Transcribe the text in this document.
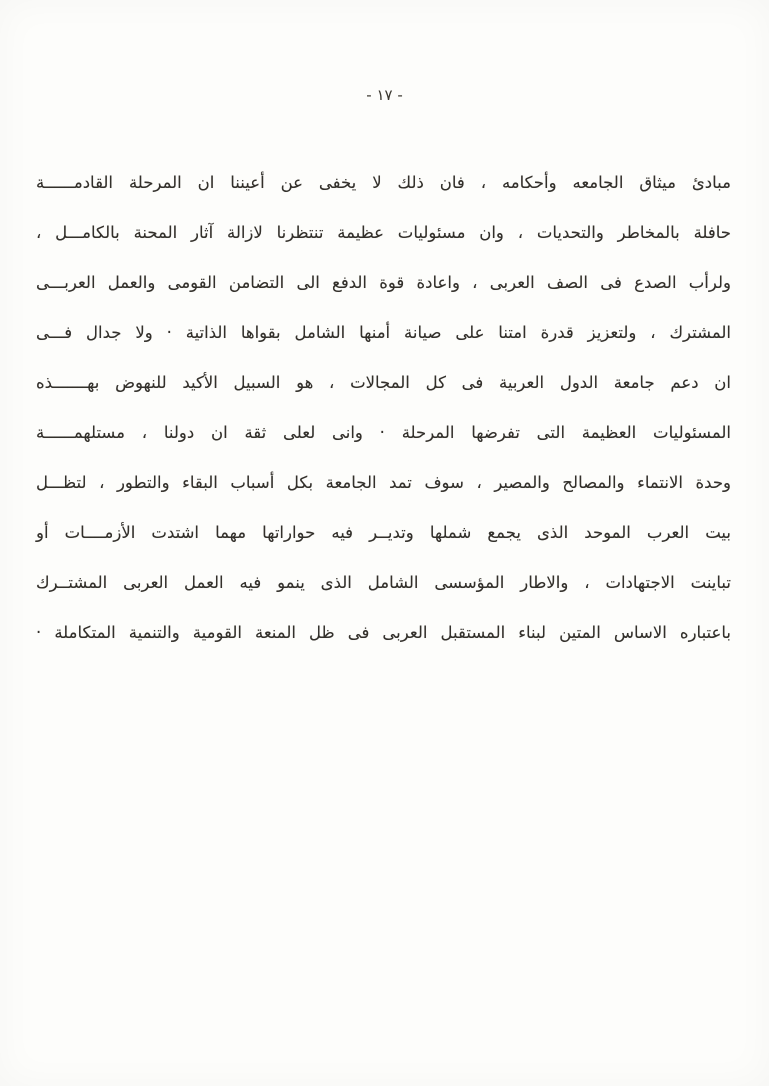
- ١٧ -
مبادئ ميثاق الجامعه وأحكامه ، فان ذلك لا يخفى عن أعيننا ان المرحلة القادمــــــة
حافلة بالمخاطر والتحديات ، وان مسئوليات عظيمة تنتظرنا لازالة آثار المحنة بالكامـــل ،
ولرأب الصدع فى الصف العربى ، واعادة قوة الدفع الى التضامن القومى والعمل العربـــى
المشترك ، ولتعزيز قدرة امتنا على صيانة أمنها الشامل بقواها الذاتية · ولا جدال فـــى
ان دعم جامعة الدول العربية فى كل المجالات ، هو السبيل الأكيد للنهوض بهـــــــذه
المسئوليات العظيمة التى تفرضها المرحلة · وانى لعلى ثقة ان دولنا ، مستلهمــــــة
وحدة الانتماء والمصالح والمصير ، سوف تمد الجامعة بكل أسباب البقاء والتطور ، لتظـــل
بيت العرب الموحد الذى يجمع شملها وتديــر فيه حواراتها مهما اشتدت الأزمــــات أو
تباينت الاجتهادات ، والاطار المؤسسى الشامل الذى ينمو فيه العمل العربى المشتــرك
باعتباره الاساس المتين لبناء المستقبل العربى فى ظل المنعة القومية والتنمية المتكاملة ·
